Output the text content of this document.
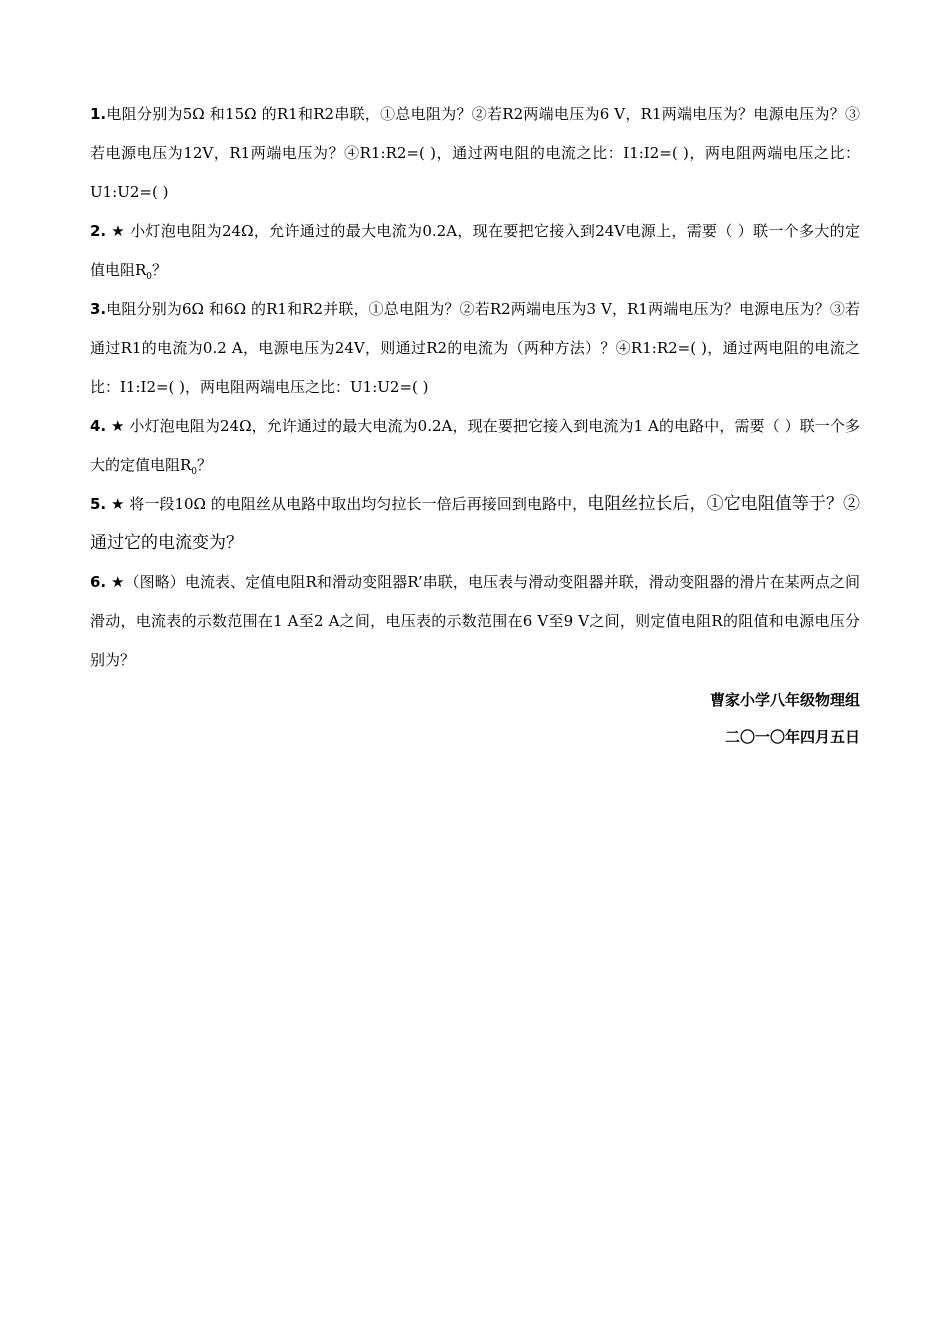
1.电阻分别为5Ω 和15Ω 的R1和R2串联，①总电阻为？②若R2两端电压为6 V，R1两端电压为？电源电压为？③若电源电压为12V，R1两端电压为？④R1:R2=( )，通过两电阻的电流之比：I1:I2=( )，两电阻两端电压之比：U1:U2=( )

2. ★ 小灯泡电阻为24Ω，允许通过的最大电流为0.2A，现在要把它接入到24V电源上，需要（ ）联一个多大的定值电阻$R_0$？

3.电阻分别为6Ω 和6Ω 的R1和R2并联，①总电阻为？②若R2两端电压为3 V，R1两端电压为？电源电压为？③若通过R1的电流为0.2 A，电源电压为24V，则通过R2的电流为（两种方法）？④R1:R2=( )，通过两电阻的电流之比：I1:I2=( )，两电阻两端电压之比：U1:U2=( )

4. ★ 小灯泡电阻为24Ω，允许通过的最大电流为0.2A，现在要把它接入到电流为1 A的电路中，需要（ ）联一个多大的定值电阻$R_0$？

5. ★ 将一段10Ω 的电阻丝从电路中取出均匀拉长一倍后再接回到电路中，电阻丝拉长后，①它电阻值等于？②通过它的电流变为？

6. ★（图略）电流表、定值电阻R和滑动变阻器R’串联，电压表与滑动变阻器并联，滑动变阻器的滑片在某两点之间滑动，电流表的示数范围在1 A至2 A之间，电压表的示数范围在6 V至9 V之间，则定值电阻R的阻值和电源电压分别为？

曹家小学八年级物理组

二〇一〇年四月五日
